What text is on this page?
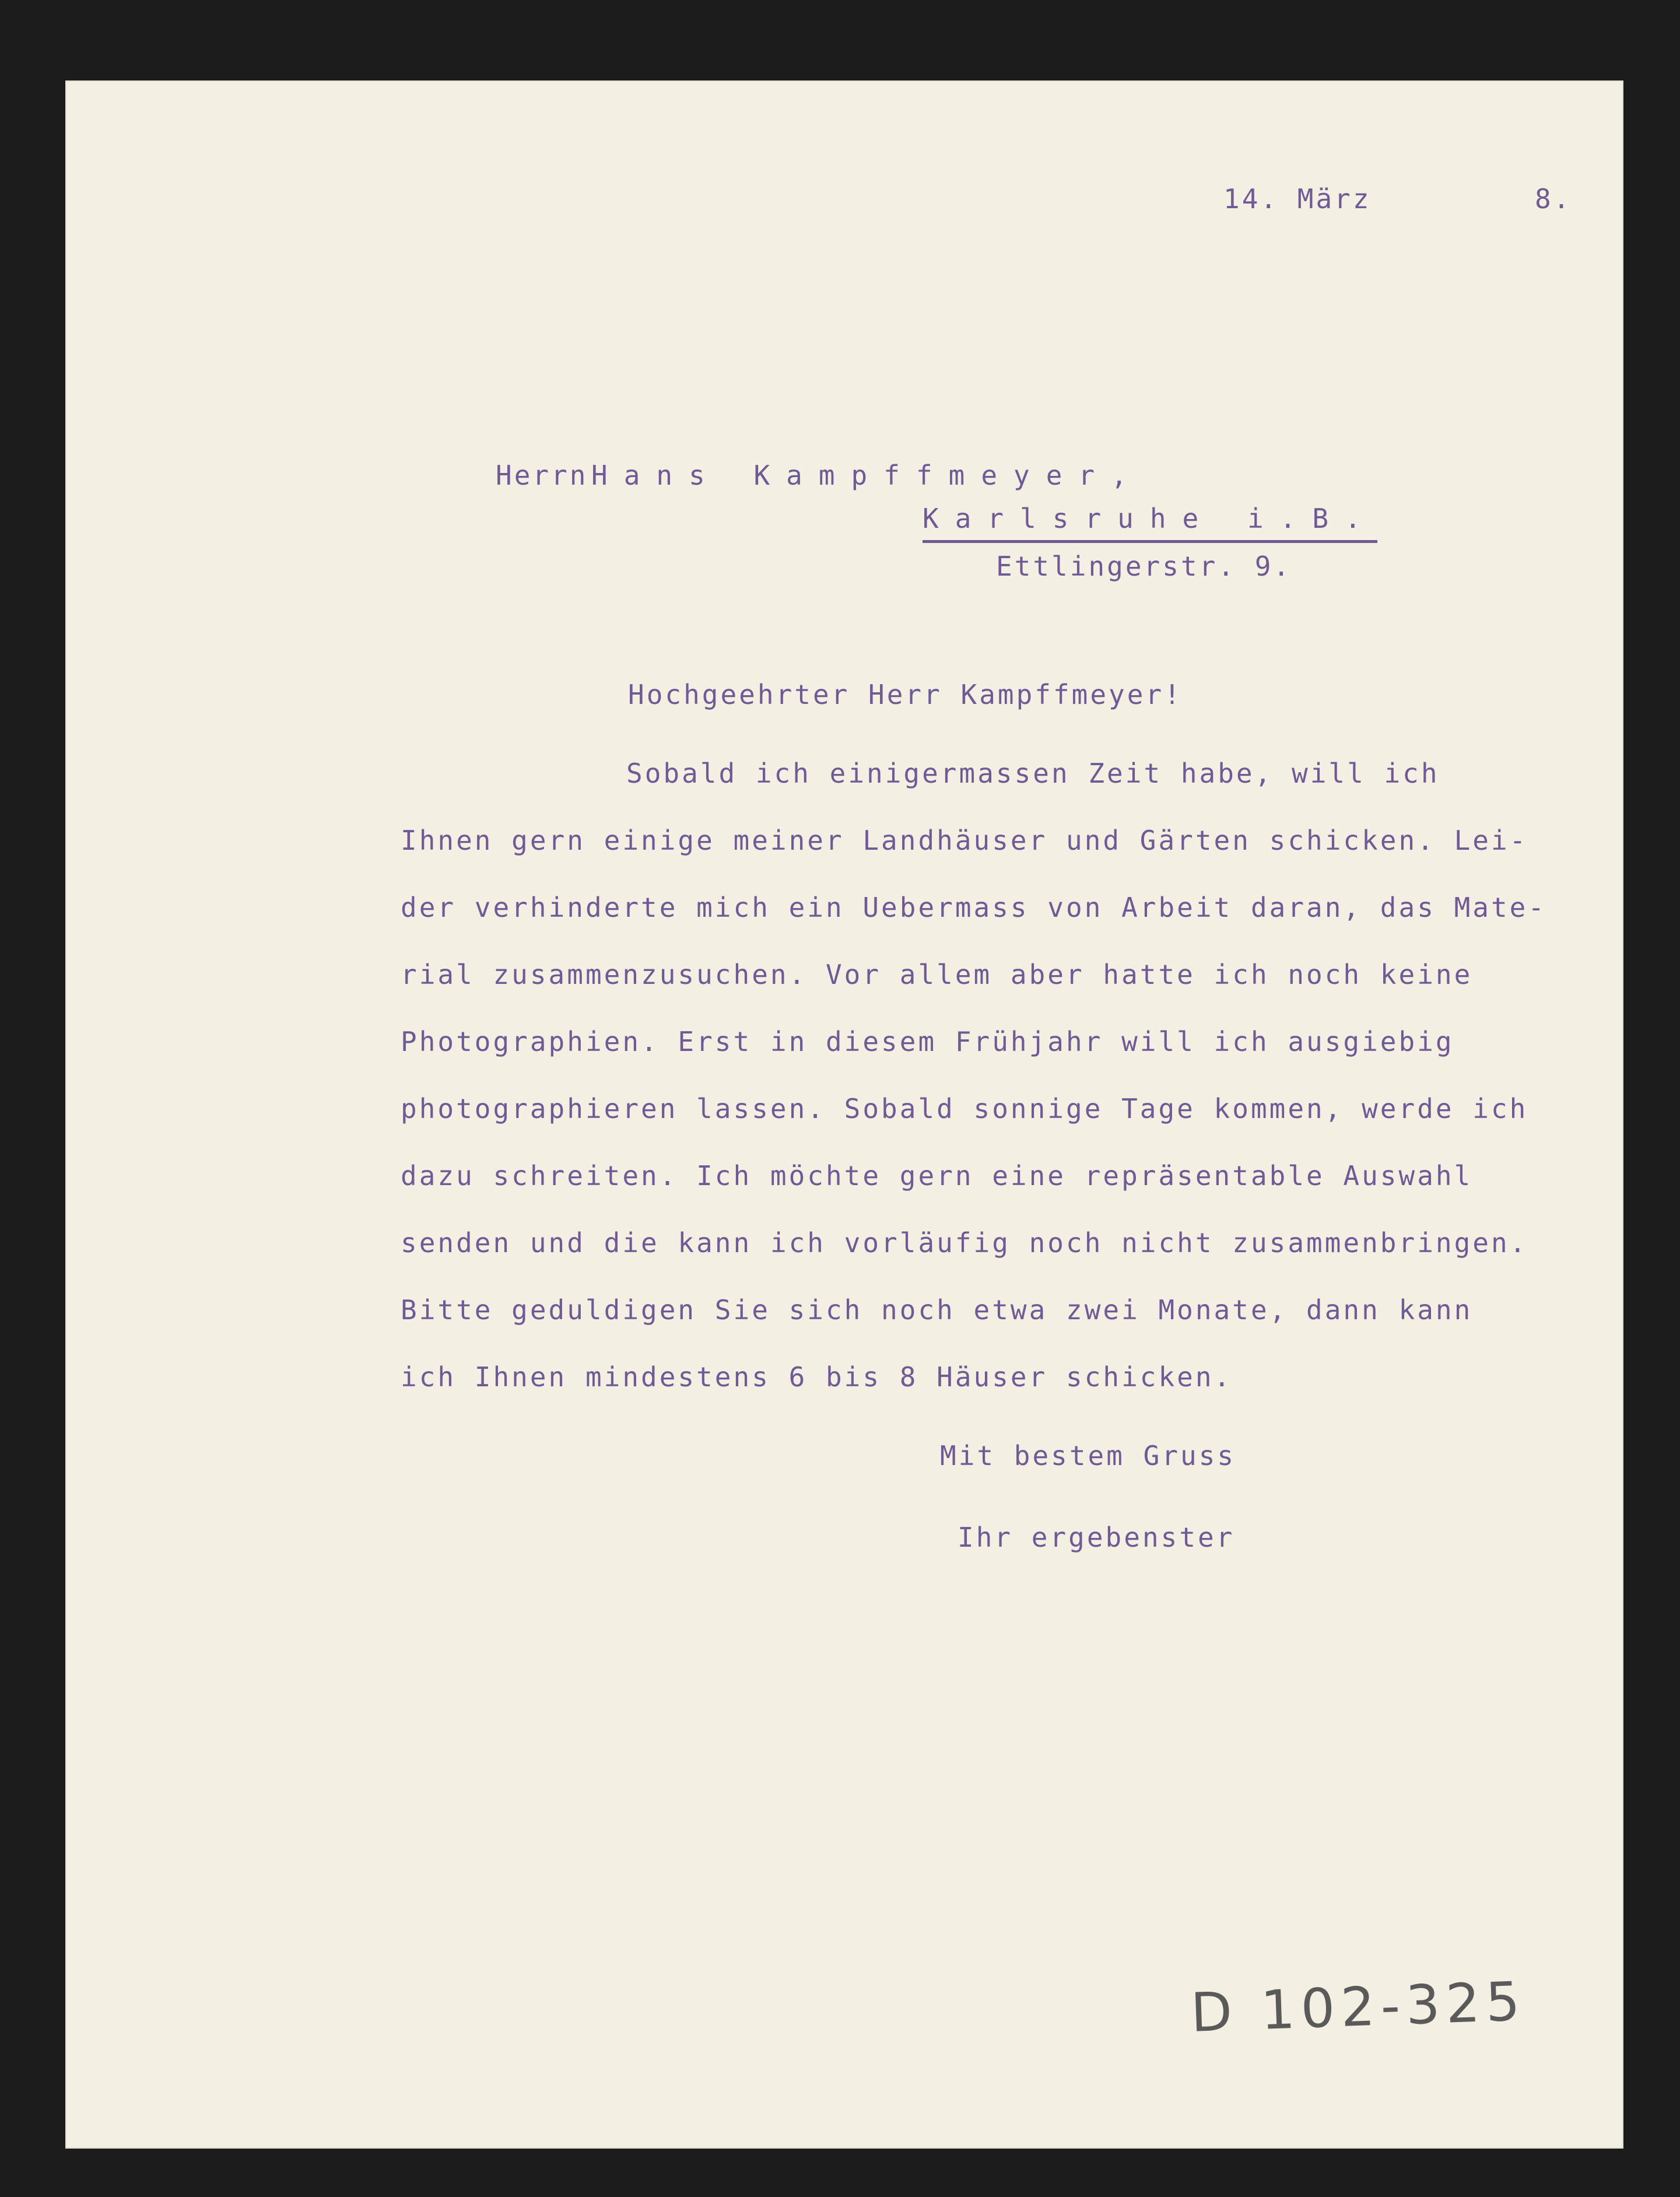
14. März	8.
Herrn Hans Kampffmeyer,
Karlsruhe i.B.
Ettlingerstr. 9.
Hochgeehrter Herr Kampffmeyer!
Sobald ich einigermassen Zeit habe, will ich
Ihnen gern einige meiner Landhäuser und Gärten schicken. Lei-
der verhinderte mich ein Uebermass von Arbeit daran, das Mate-
rial zusammenzusuchen. Vor allem aber hatte ich noch keine
Photographien. Erst in diesem Frühjahr will ich ausgiebig
photographieren lassen. Sobald sonnige Tage kommen, werde ich
dazu schreiten. Ich möchte gern eine repräsentable Auswahl
senden und die kann ich vorläufig noch nicht zusammenbringen.
Bitte geduldigen Sie sich noch etwa zwei Monate, dann kann
ich Ihnen mindestens 6 bis 8 Häuser schicken.
Mit bestem Gruss
Ihr ergebenster
D 102-325
